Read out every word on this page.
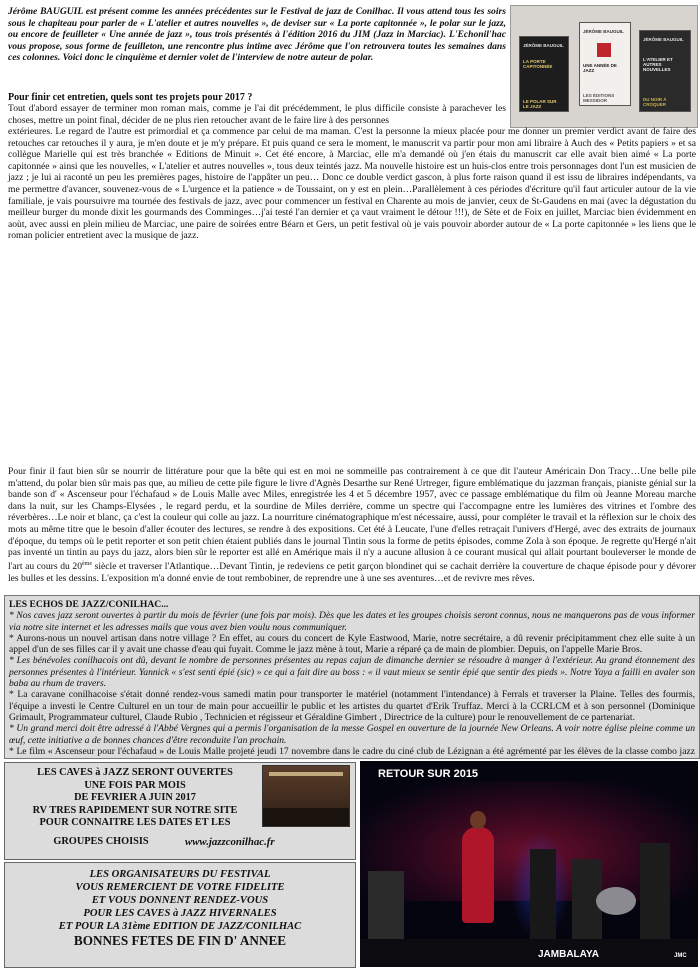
Jérôme BAUGUIL est présent comme les années précédentes sur le Festival de jazz de Conilhac. Il vous attend tous les soirs sous le chapiteau pour parler de « L'atelier et autres nouvelles », de deviser sur « La porte capitonnée », le polar sur le jazz, ou encore de feuilleter « Une année de jazz », tous trois présentés à l'édition 2016 du JIM (Jazz in Marciac). L'Echonil'hac vous propose, sous forme de feuilleton, une rencontre plus intime avec Jérôme que l'on retrouvera toutes les semaines dans ces colonnes. Voici donc le cinquième et dernier volet de l'interview de notre auteur de polar.

JÉRÔME BAUGUIL
LA PORTE CAPITONNÉE
LE POLAR SUR LE JAZZ
JÉRÔME BAUGUIL
UNE ANNÉE DE JAZZ
LES ÉDITIONS MESSIDOR
JÉRÔME BAUGUIL
L'ATELIER ET AUTRES NOUVELLES
DU NOIR À CROQUER

Pour finir cet entretien, quels sont tes projets pour 2017 ?

Tout d'abord essayer de terminer mon roman mais, comme je l'ai dit précédemment, le plus difficile consiste à parachever les choses, mettre un point final, décider de ne plus rien retoucher avant de le faire lire à des personnes

extérieures. Le regard de l'autre est primordial et ça commence par celui de ma maman. C'est la personne la mieux placée pour me donner un premier verdict avant de faire des retouches car retouches il y aura, je m'en doute et je m'y prépare. Et puis quand ce sera le moment, le manuscrit va partir pour mon ami libraire à Auch des « Petits papiers » et sa collègue Marielle qui est très branchée « Editions de Minuit ». Cet été encore, à Marciac, elle m'a demandé où j'en étais du manuscrit car elle avait bien aimé « La porte capitonnée » ainsi que les nouvelles, « L'atelier et autres nouvelles », tous deux teintés jazz. Ma nouvelle histoire est un huis-clos entre trois personnages dont l'un est musicien de jazz ; je lui ai raconté un peu les premières pages, histoire de l'appâter un peu… Donc ce double verdict gascon, à plus forte raison quand il est issu de libraires indépendants, va me permettre d'avancer, souvenez-vous de « L'urgence et la patience » de Toussaint, on y est en plein…Parallèlement à ces périodes d'écriture qu'il faut articuler autour de la vie familiale, je vais poursuivre ma tournée des festivals de jazz, avec pour commencer un festival en Charente au mois de janvier, ceux de St-Gaudens en mai (avec la dégustation du meilleur burger du monde dixit les gourmands des Comminges…j'ai testé l'an dernier et ça vaut vraiment le détour !!!), de Sète et de Foix en juillet, Marciac bien évidemment en aoùt, avec aussi en plein milieu de Marciac, une paire de soirées entre Béarn et Gers, un petit festival où je vais pouvoir aborder autour de « La porte capitonnée » les liens que le roman policier entretient avec la musique de jazz.

Pour finir il faut bien sûr se nourrir de littérature pour que la bête qui est en moi ne sommeille pas contrairement à ce que dit l'auteur Américain Don Tracy…Une belle pile m'attend, du polar bien sûr mais pas que, au milieu de cette pile figure le livre d'Agnès Desarthe sur René Urtreger, figure emblématique du jazzman français, pianiste génial sur la bande son d' « Ascenseur pour l'échafaud » de Louis Malle avec Miles, enregistrée les 4 et 5 décembre 1957, avec ce passage emblématique du film où Jeanne Moreau marche dans la nuit, sur les Champs-Elysées , le regard perdu, et la sourdine de Miles derrière, comme un spectre qui l'accompagne entre les lumières des vitrines et l'ombre des réverbères…Le noir et blanc, ça c'est la couleur qui colle au jazz. La nourriture cinématographique m'est nécessaire, aussi, pour compléter le travail et la réflexion sur le choix des mots au même titre que le besoin d'aller écouter des lectures, se rendre à des expositions. Cet été à Leucate, l'une d'elles retraçait l'univers d'Hergé, avec des extraits de journaux d'époque, du temps où le petit reporter et son petit chien étaient publiés dans le journal Tintin sous la forme de petits épisodes, comme Zola à son époque. Je regrette qu'Hergé n'ait pas inventé un tintin au pays du jazz, alors bien sûr le reporter est allé en Amérique mais il n'y a aucune allusion à ce courant musical qui allait pourtant bouleverser le monde de l'art au cours du 20ème siècle et traverser l'Atlantique…Devant Tintin, je redeviens ce petit garçon blondinet qui se cachait derrière la couverture de chaque épisode pour y dévorer les bulles et les dessins. L'exposition m'a donné envie de tout rembobiner, de reprendre une à une ses aventures…et de revivre mes rêves.

LES ECHOS DE JAZZ/CONILHAC...
* Nos caves jazz seront ouvertes à partir du mois de février (une fois par mois). Dès que les dates et les groupes choisis seront connus, nous ne manquerons pas de vous informer via notre site internet et les adresses mails que vous avez bien voulu nous communiquer.
* Aurons-nous un nouvel artisan dans notre village ? En effet, au cours du concert de Kyle Eastwood, Marie, notre secrétaire, a dû revenir précipitamment chez elle suite à un appel d'un de ses filles car il y avait une chasse d'eau qui fuyait. Comme le jazz mène à tout, Marie a réparé ça de main de plombier. Depuis, on l'appelle Marie Bros.
* Les bénévoles conilhacois ont dû, devant le nombre de personnes présentes au repas cajun de dimanche dernier se résoudre à manger à l'extérieur. Au grand étonnement des personnes présentes à l'intérieur. Yannick « s'est senti épié (sic) » ce qui a fait dire au boss : « il vaut mieux se sentir épié que sentir des pieds ». Notre Yaya a failli en avaler son baba au rhum de travers.
* La caravane conilhacoise s'était donné rendez-vous samedi matin pour transporter le matériel (notamment l'intendance) à Ferrals et traverser la Plaine. Telles des fourmis, l'équipe a investi le Centre Culturel en un tour de main pour accueillir le public et les artistes du quartet d'Erik Truffaz. Merci à la CCRLCM et à son personnel (Dominique Grimault, Programmateur culturel, Claude Rubio , Technicien et régisseur et Géraldine Gimbert , Directrice de la culture) pour le renouvellement de ce partenariat.
* Un grand merci doit être adressé à l'Abbé Vergnes qui a permis l'organisation de la messe Gospel en ouverture de la journée New Orleans. A voir notre église pleine comme un œuf, cette initiative a de bonnes chances d'être reconduite l'an prochain.
* Le film « Ascenseur pour l'échafaud » de Louis Malle projeté jeudi 17 novembre dans le cadre du ciné club de Lézignan a été agrémenté par les élèves de la classe combo jazz
LES CAVES à JAZZ SERONT OUVERTES
UNE FOIS PAR MOIS
DE FEVRIER A JUIN 2017
RV TRES RAPIDEMENT SUR NOTRE SITE
POUR CONNAITRE LES DATES ET LES
GROUPES CHOISIS	www.jazzconilhac.fr
LES ORGANISATEURS DU FESTIVAL
VOUS REMERCIENT DE VOTRE FIDELITE
ET VOUS DONNENT RENDEZ-VOUS
POUR LES CAVES à JAZZ HIVERNALES
ET POUR LA 31ème EDITION DE JAZZ/CONILHAC
BONNES FETES DE FIN D' ANNEE
RETOUR SUR 2015
JAMBALAYA	JMC
